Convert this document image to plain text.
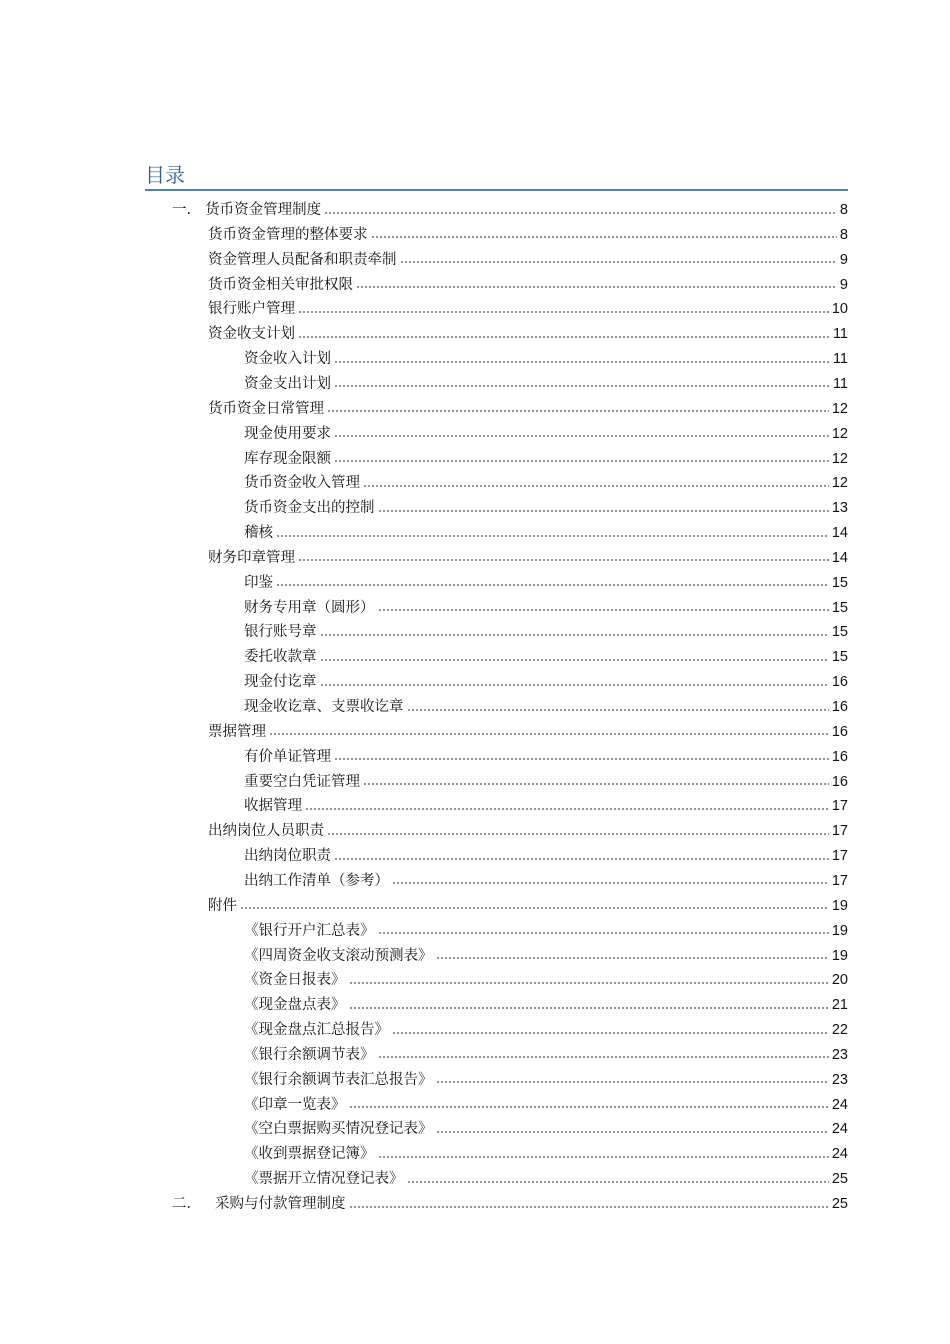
目录
一. 货币资金管理制度	8
货币资金管理的整体要求	8
资金管理人员配备和职责牵制	9
货币资金相关审批权限	9
银行账户管理	10
资金收支计划	11
资金收入计划	11
资金支出计划	11
货币资金日常管理	12
现金使用要求	12
库存现金限额	12
货币资金收入管理	12
货币资金支出的控制	13
稽核	14
财务印章管理	14
印鉴	15
财务专用章（圆形）	15
银行账号章	15
委托收款章	15
现金付讫章	16
现金收讫章、支票收讫章	16
票据管理	16
有价单证管理	16
重要空白凭证管理	16
收据管理	17
出纳岗位人员职责	17
出纳岗位职责	17
出纳工作清单（参考）	17
附件	19
《银行开户汇总表》	19
《四周资金收支滚动预测表》	19
《资金日报表》	20
《现金盘点表》	21
《现金盘点汇总报告》	22
《银行余额调节表》	23
《银行余额调节表汇总报告》	23
《印章一览表》	24
《空白票据购买情况登记表》	24
《收到票据登记簿》	24
《票据开立情况登记表》	25
二． 采购与付款管理制度	25
